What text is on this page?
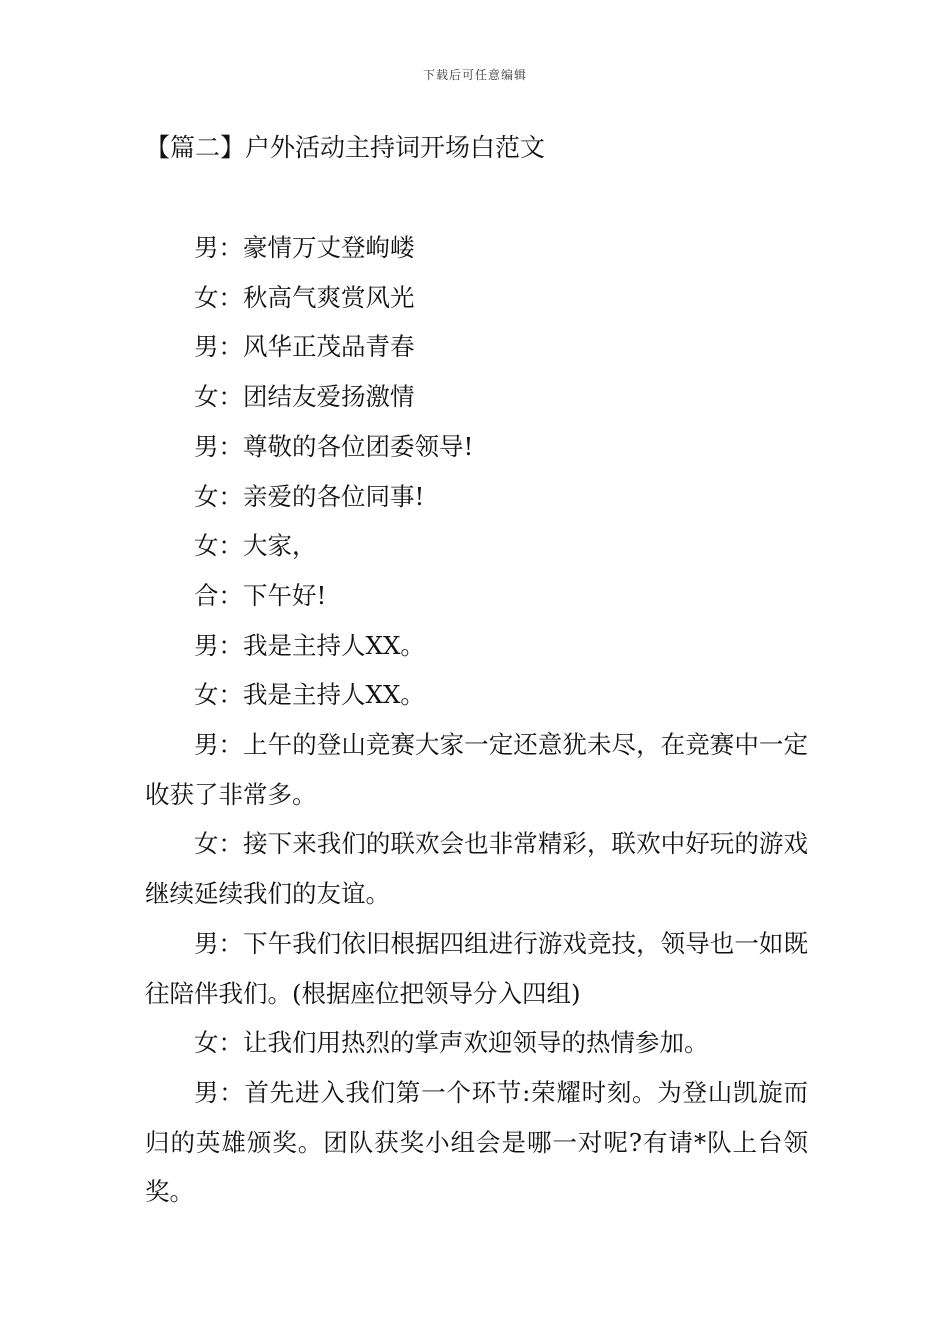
下载后可任意编辑
【篇二】户外活动主持词开场白范文

男：豪情万丈登岣嵝

女：秋高气爽赏风光

男：风华正茂品青春

女：团结友爱扬激情

男：尊敬的各位团委领导!

女：亲爱的各位同事!

女：大家，

合：下午好!

男：我是主持人XX。

女：我是主持人XX。

男：上午的登山竞赛大家一定还意犹未尽，在竞赛中一定收获了非常多。

女：接下来我们的联欢会也非常精彩，联欢中好玩的游戏继续延续我们的友谊。

男：下午我们依旧根据四组进行游戏竞技，领导也一如既往陪伴我们。(根据座位把领导分入四组)

女：让我们用热烈的掌声欢迎领导的热情参加。

男：首先进入我们第一个环节:荣耀时刻。为登山凯旋而归的英雄颁奖。团队获奖小组会是哪一对呢?有请*队上台领奖。
